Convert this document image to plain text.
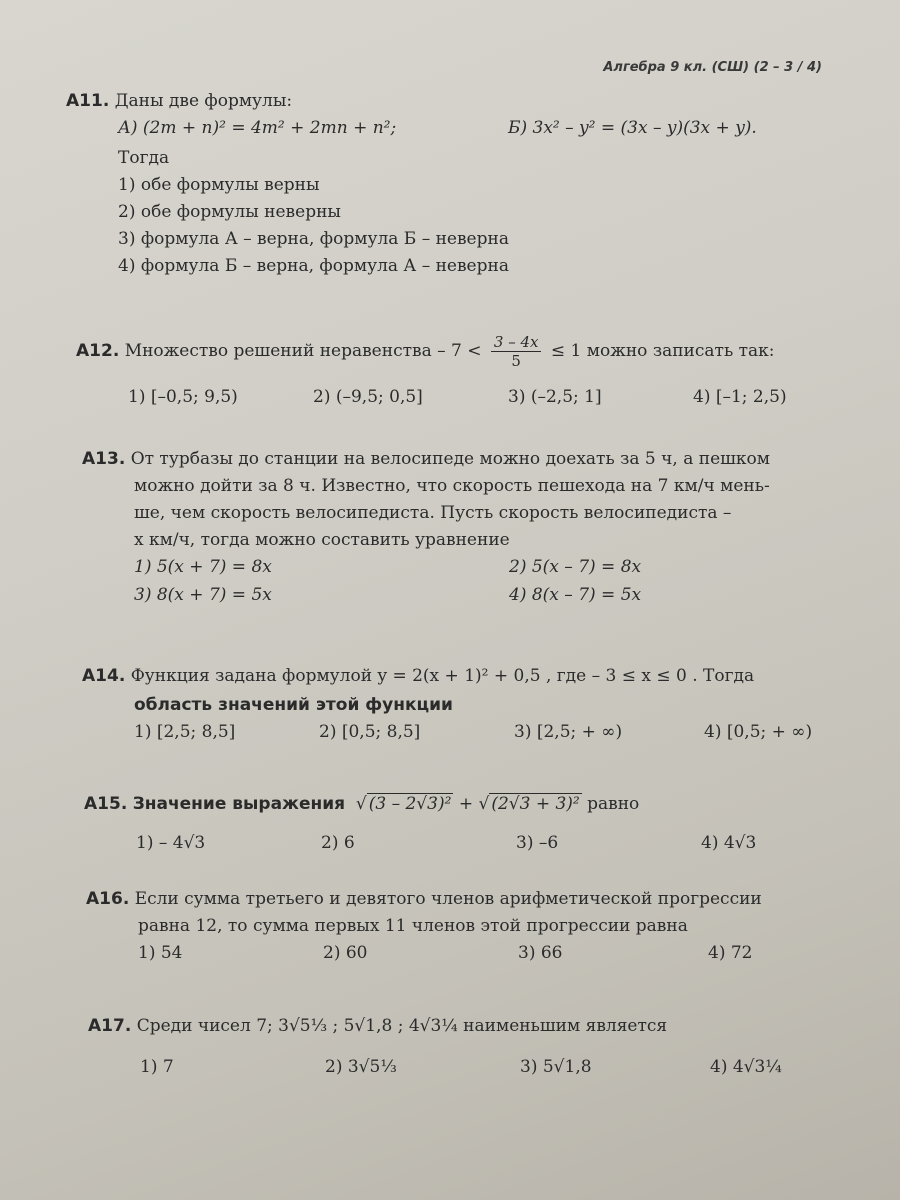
Алгебра 9 кл. (СШ) (2 – 3 / 4)
А11. Даны две формулы:
А) (2m + n)² = 4m² + 2mn + n²;	Б) 3x² – y² = (3x – y)(3x + y).
Тогда
1) обе формулы верны
2) обе формулы неверны
3) формула А – верна, формула Б – неверна
4) формула Б – верна, формула А – неверна
А12. Множество решений неравенства – $7 < \frac{3 - 4x}{5} \le 1$ можно записать так:
1) [–0,5; 9,5)	2) (–9,5; 0,5]	3) (–2,5; 1]	4) [–1; 2,5)
А13. От турбазы до станции на велосипеде можно доехать за 5 ч, а пешком
можно дойти за 8 ч. Известно, что скорость пешехода на 7 км/ч мень-
ше, чем скорость велосипедиста. Пусть скорость велосипедиста –
x км/ч, тогда можно составить уравнение
1) 5(x + 7) = 8x	2) 5(x – 7) = 8x
3) 8(x + 7) = 5x	4) 8(x – 7) = 5x
А14. Функция задана формулой y = 2(x + 1)² + 0,5 , где – 3 ≤ x ≤ 0 . Тогда
область значений этой функции
1) [2,5; 8,5]	2) [0,5; 8,5]	3) [2,5; + ∞)	4) [0,5; + ∞)
А15. Значение выражения  √ (3 – 2√3)² + √ (2√3 + 3)² равно
1) – 4√3	2) 6	3) –6	4) 4√3
А16. Если сумма третьего и девятого членов арифметической прогрессии
равна 12, то сумма первых 11 членов этой прогрессии равна
1) 54	2) 60	3) 66	4) 72
А17. Среди чисел 7; 3√5⅓ ; 5√1,8 ; 4√3¼ наименьшим является
1) 7	2) 3√5⅓	3) 5√1,8	4) 4√3¼
